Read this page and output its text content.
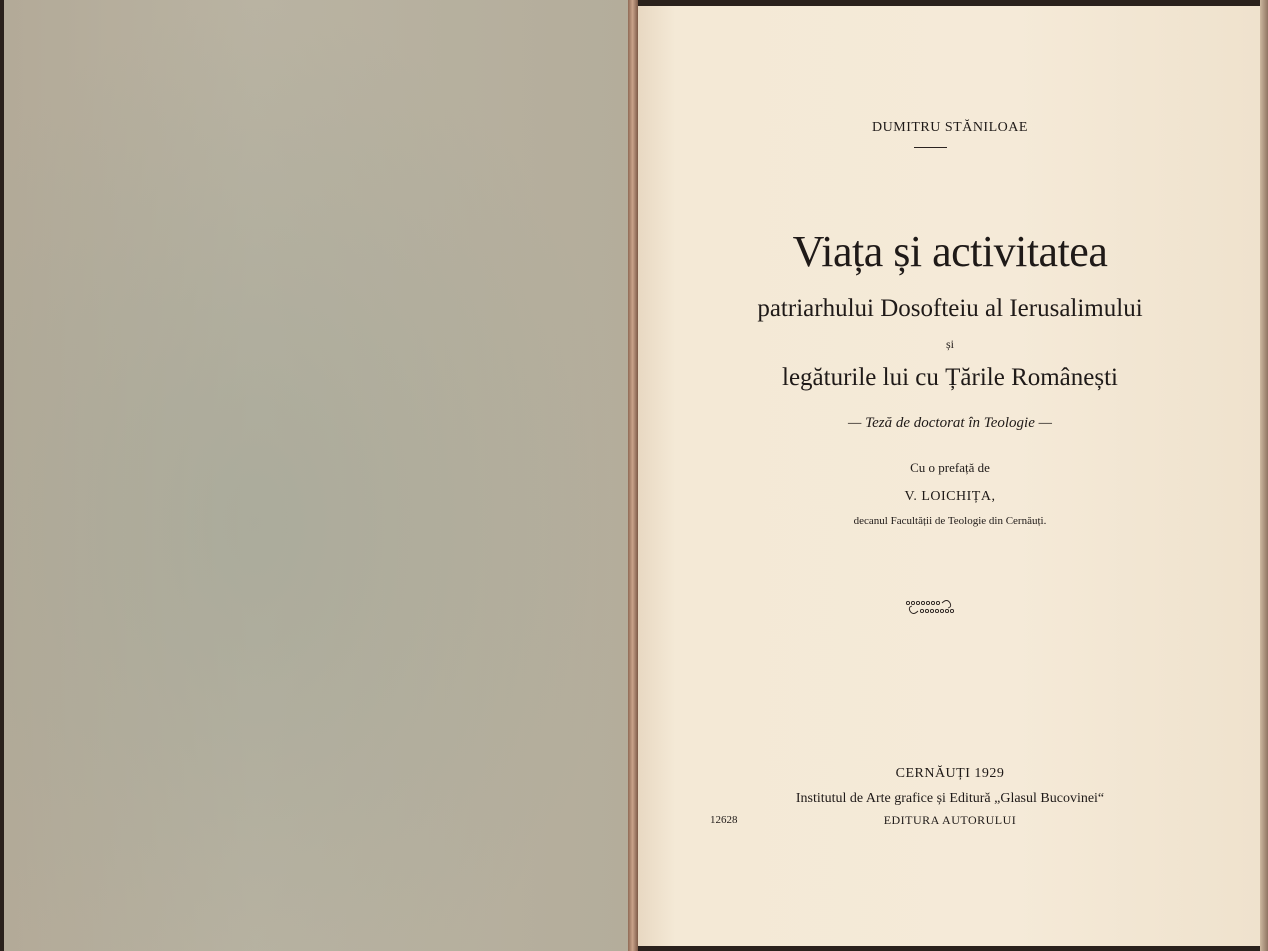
DUMITRU STĂNILOAE
Viața și activitatea
patriarhului Dosofteiu al Ierusalimului
și
legăturile lui cu Țările Românești
— Teză de doctorat în Teologie —
Cu o prefață de
V. LOICHIȚA,
decanul Facultății de Teologie din Cernăuți.
CERNĂUȚI 1929
Institutul de Arte grafice și Editură „Glasul Bucovinei“
EDITURA AUTORULUI
12628
